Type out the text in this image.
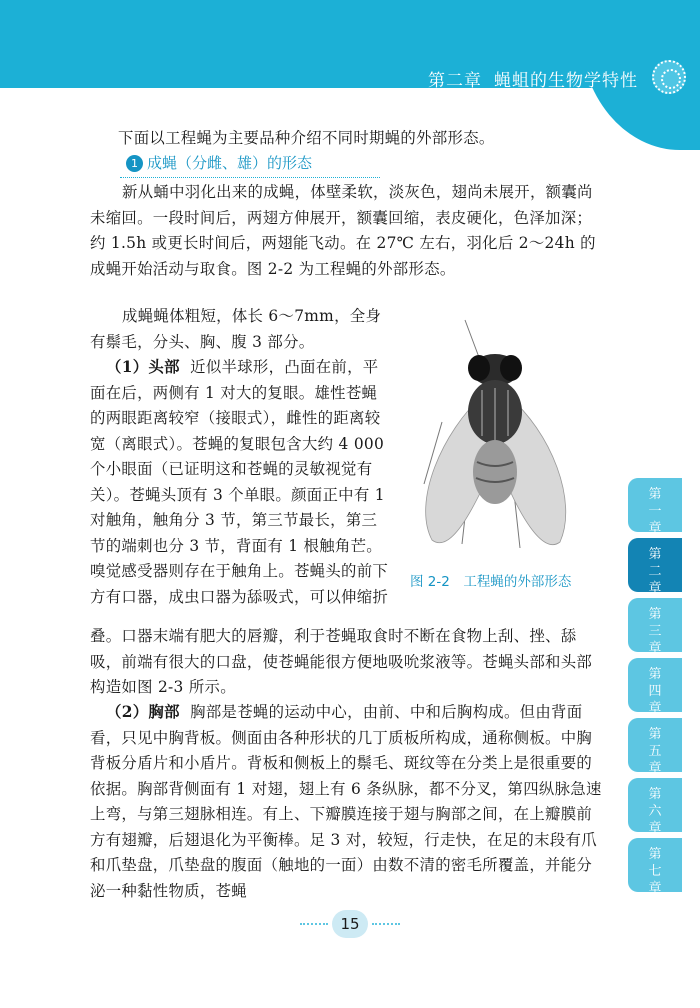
第二章 蝇蛆的生物学特性
下面以工程蝇为主要品种介绍不同时期蝇的外部形态。
1 成蝇（分雌、雄）的形态
新从蛹中羽化出来的成蝇，体壁柔软，淡灰色，翅尚未展开，额囊尚未缩回。一段时间后，两翅方伸展开，额囊回缩，表皮硬化，色泽加深；约 1.5h 或更长时间后，两翅能飞动。在 27℃ 左右，羽化后 2～24h 的成蝇开始活动与取食。图 2-2 为工程蝇的外部形态。
成蝇蝇体粗短，体长 6～7mm，全身有鬃毛，分头、胸、腹 3 部分。
（1）头部 近似半球形，凸面在前，平面在后，两侧有 1 对大的复眼。雄性苍蝇的两眼距离较窄（接眼式），雌性的距离较宽（离眼式）。苍蝇的复眼包含大约 4 000 个小眼面（已证明这和苍蝇的灵敏视觉有关）。苍蝇头顶有 3 个单眼。颜面正中有 1 对触角，触角分 3 节，第三节最长，第三节的端刺也分 3 节，背面有 1 根触角芒。嗅觉感受器则存在于触角上。苍蝇头的前下方有口器，成虫口器为舔吸式，可以伸缩折
图 2-2　工程蝇的外部形态
叠。口器末端有肥大的唇瓣，利于苍蝇取食时不断在食物上刮、挫、舔吸，前端有很大的口盘，使苍蝇能很方便地吸吮浆液等。苍蝇头部和头部构造如图 2-3 所示。
（2）胸部 胸部是苍蝇的运动中心，由前、中和后胸构成。但由背面看，只见中胸背板。侧面由各种形状的几丁质板所构成，通称侧板。中胸背板分盾片和小盾片。背板和侧板上的鬃毛、斑纹等在分类上是很重要的依据。胸部背侧面有 1 对翅，翅上有 6 条纵脉，都不分叉，第四纵脉急速上弯，与第三翅脉相连。有上、下瓣膜连接于翅与胸部之间，在上瓣膜前方有翅瓣，后翅退化为平衡棒。足 3 对，较短，行走快，在足的末段有爪和爪垫盘，爪垫盘的腹面（触地的一面）由数不清的密毛所覆盖，并能分泌一种黏性物质，苍蝇
第
一
章
第
二
章
第
三
章
第
四
章
第
五
章
第
六
章
第
七
章
15
